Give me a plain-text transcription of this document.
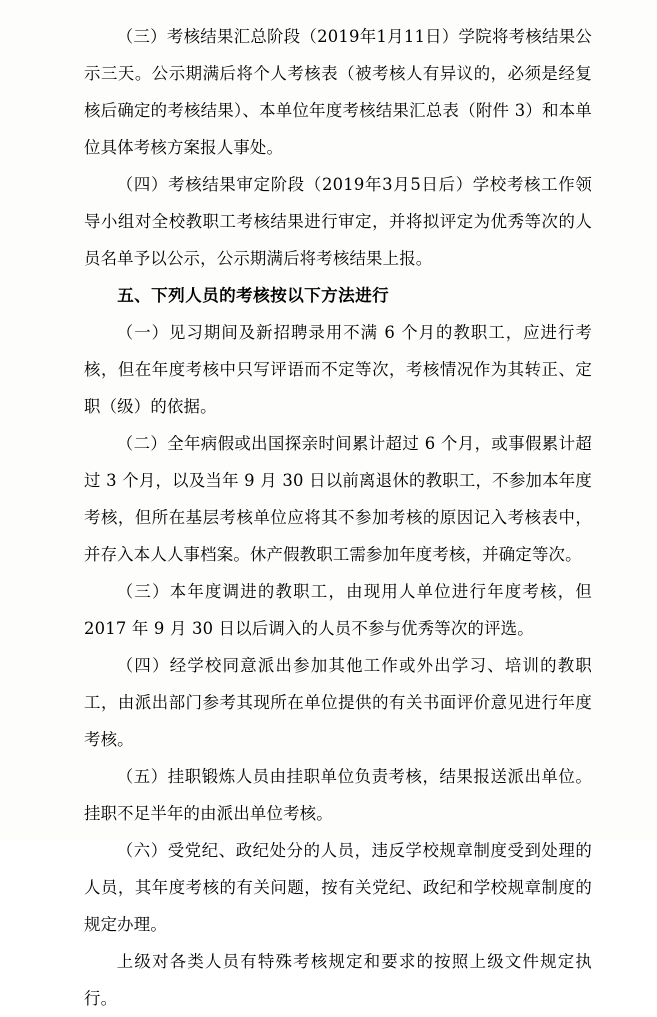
（三）考核结果汇总阶段（2019年1月11日）学院将考核结果公示三天。公示期满后将个人考核表（被考核人有异议的，必须是经复核后确定的考核结果）、本单位年度考核结果汇总表（附件 3）和本单位具体考核方案报人事处。

（四）考核结果审定阶段（2019年3月5日后）学校考核工作领导小组对全校教职工考核结果进行审定，并将拟评定为优秀等次的人员名单予以公示，公示期满后将考核结果上报。

五、下列人员的考核按以下方法进行

（一）见习期间及新招聘录用不满 6 个月的教职工，应进行考核，但在年度考核中只写评语而不定等次，考核情况作为其转正、定职（级）的依据。

（二）全年病假或出国探亲时间累计超过 6 个月，或事假累计超过 3 个月，以及当年 9 月 30 日以前离退休的教职工，不参加本年度考核，但所在基层考核单位应将其不参加考核的原因记入考核表中，并存入本人人事档案。休产假教职工需参加年度考核，并确定等次。

（三）本年度调进的教职工，由现用人单位进行年度考核，但 2017 年 9 月 30 日以后调入的人员不参与优秀等次的评选。

（四）经学校同意派出参加其他工作或外出学习、培训的教职工，由派出部门参考其现所在单位提供的有关书面评价意见进行年度考核。

（五）挂职锻炼人员由挂职单位负责考核，结果报送派出单位。挂职不足半年的由派出单位考核。

（六）受党纪、政纪处分的人员，违反学校规章制度受到处理的人员，其年度考核的有关问题，按有关党纪、政纪和学校规章制度的规定办理。

上级对各类人员有特殊考核规定和要求的按照上级文件规定执行。
